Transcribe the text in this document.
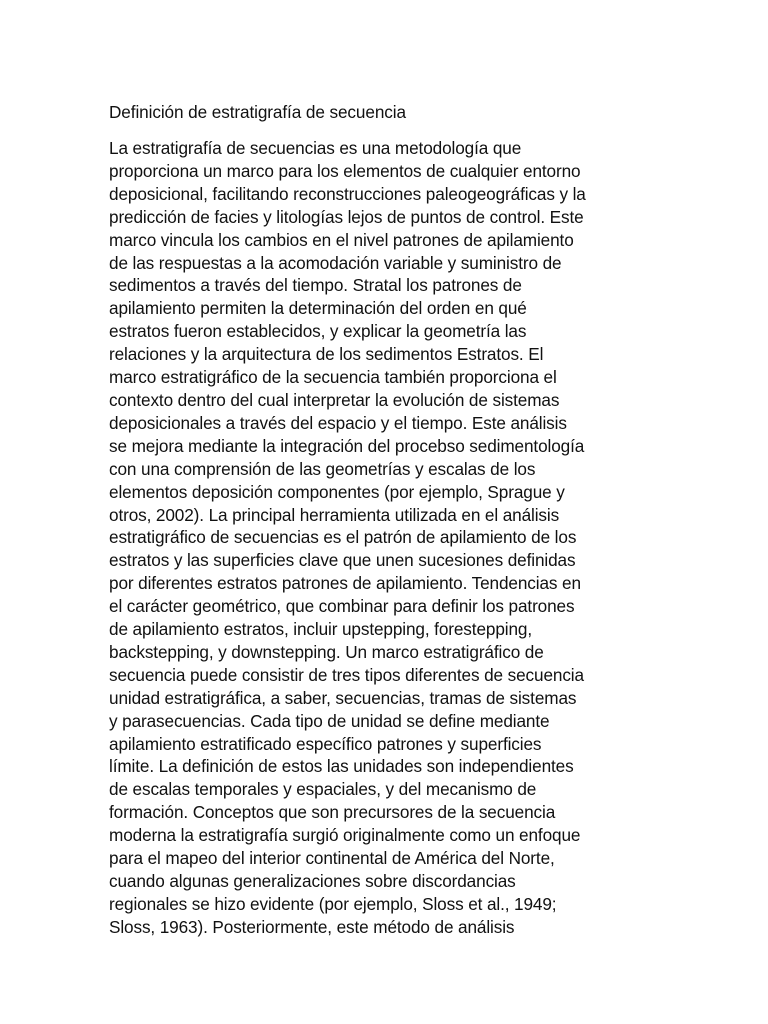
Definición de estratigrafía de secuencia
La estratigrafía de secuencias es una metodología que
proporciona un marco para los elementos de cualquier entorno
deposicional, facilitando reconstrucciones paleogeográficas y la
predicción de facies y litologías lejos de puntos de control. Este
marco vincula los cambios en el nivel patrones de apilamiento
de las respuestas a la acomodación variable y suministro de
sedimentos a través del tiempo. Stratal los patrones de
apilamiento permiten la determinación del orden en qué
estratos fueron establecidos, y explicar la geometría las
relaciones y la arquitectura de los sedimentos Estratos. El
marco estratigráfico de la secuencia también proporciona el
contexto dentro del cual interpretar la evolución de sistemas
deposicionales a través del espacio y el tiempo. Este análisis
se mejora mediante la integración del procebso sedimentología
con una comprensión de las geometrías y escalas de los
elementos deposición componentes (por ejemplo, Sprague y
otros, 2002). La principal herramienta utilizada en el análisis
estratigráfico de secuencias es el patrón de apilamiento de los
estratos y las superficies clave que unen sucesiones definidas
por diferentes estratos patrones de apilamiento. Tendencias en
el carácter geométrico, que combinar para definir los patrones
de apilamiento estratos, incluir upstepping, forestepping,
backstepping, y downstepping. Un marco estratigráfico de
secuencia puede consistir de tres tipos diferentes de secuencia
unidad estratigráfica, a saber, secuencias, tramas de sistemas
y parasecuencias. Cada tipo de unidad se define mediante
apilamiento estratificado específico patrones y superficies
límite. La definición de estos las unidades son independientes
de escalas temporales y espaciales, y del mecanismo de
formación. Conceptos que son precursores de la secuencia
moderna la estratigrafía surgió originalmente como un enfoque
para el mapeo del interior continental de América del Norte,
cuando algunas generalizaciones sobre discordancias
regionales se hizo evidente (por ejemplo, Sloss et al., 1949;
Sloss, 1963). Posteriormente, este método de análisis
